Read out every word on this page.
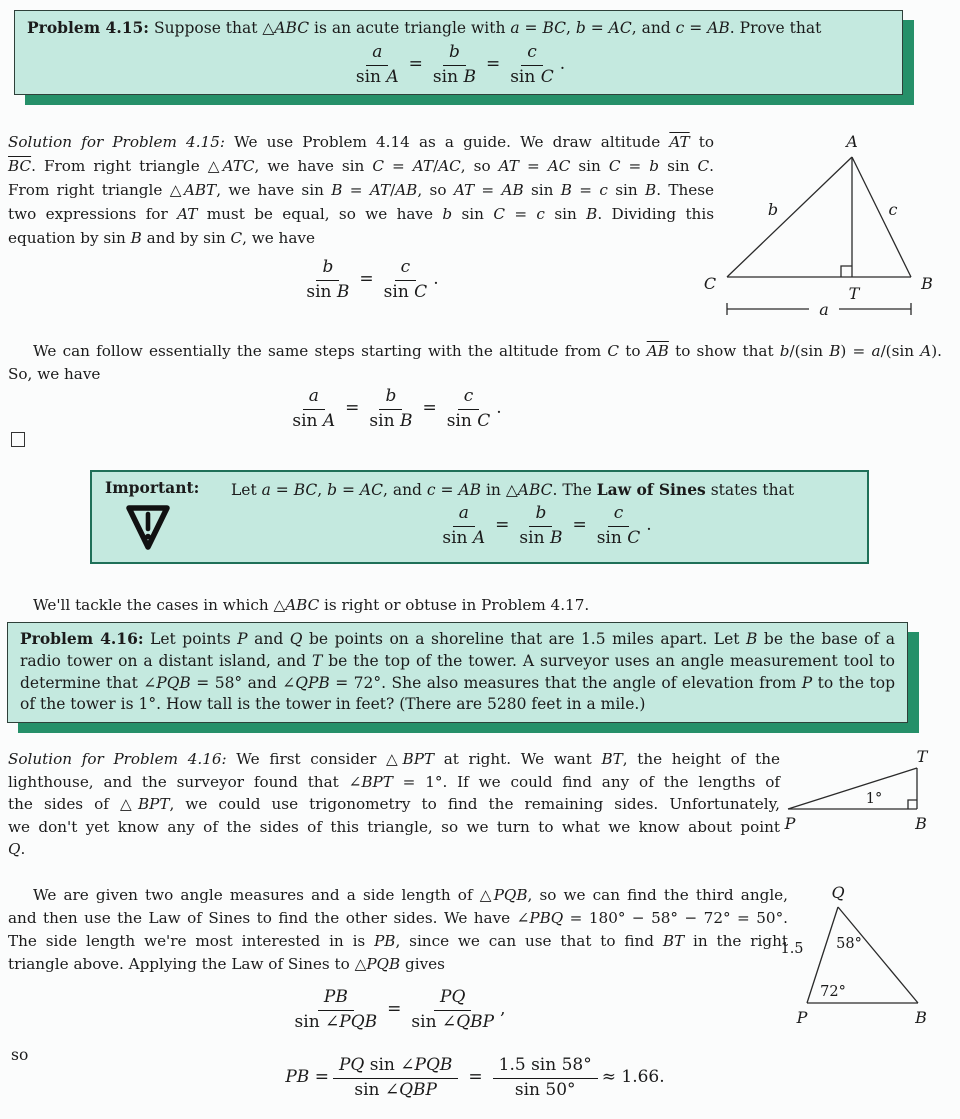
Problem 4.15: Suppose that △ABC is an acute triangle with a = BC, b = AC, and c = AB. Prove that
$\frac{a}{\text{sin A}} = \frac{b}{\text{sin B}} = \frac{c}{\text{sin C}}$ .
Solution for Problem 4.15: We use Problem 4.14 as a guide. We draw altitude $\overline{AT}$ to
$\overline{BC}$. From right triangle △ATC, we have sin C = AT/AC, so AT = AC sin C = b sin C.
From right triangle △ABT, we have sin B = AT/AB, so AT = AB sin B = c sin B. These
two expressions for AT must be equal, so we have b sin C = c sin B. Dividing this
equation by sin B and by sin C, we have
A
b	c
C
T
B
a
$\frac{b}{\text{sin B}} = \frac{c}{\text{sin C}}$ .
We can follow essentially the same steps starting with the altitude from C to $\overline{AB}$ to show that b/(sin B) = a/(sin A).
So, we have
$\frac{a}{\text{sin A}} = \frac{b}{\text{sin B}} = \frac{c}{\text{sin C}}$ .
Important:	Let a = BC, b = AC, and c = AB in △ABC. The Law of Sines states that
$\frac{a}{\text{sin A}} = \frac{b}{\text{sin B}} = \frac{c}{\text{sin C}}$ .
We'll tackle the cases in which △ABC is right or obtuse in Problem 4.17.
Problem 4.16: Let points P and Q be points on a shoreline that are 1.5 miles apart. Let B be the base of a
radio tower on a distant island, and T be the top of the tower. A surveyor uses an angle measurement tool to
determine that ∠PQB = 58° and ∠QPB = 72°. She also measures that the angle of elevation from P to the top
of the tower is 1°. How tall is the tower in feet? (There are 5280 feet in a mile.)
Solution for Problem 4.16: We first consider △BPT at right. We want BT, the height of the
lighthouse, and the surveyor found that ∠BPT = 1°. If we could find any of the lengths of
the sides of △BPT, we could use trigonometry to find the remaining sides. Unfortunately,
we don't yet know any of the sides of this triangle, so we turn to what we know about point
Q.
T
P	B
1°
We are given two angle measures and a side length of △PQB, so we can find the third angle,
and then use the Law of Sines to find the other sides. We have ∠PBQ = 180° − 58° − 72° = 50°.
The side length we're most interested in is PB, since we can use that to find BT in the right
triangle above. Applying the Law of Sines to △PQB gives
Q
P	B
1.5 58°
72°
$\frac{PB}{\text{sin ∠PQB}} = \frac{PQ}{\text{sin ∠QBP}}$ ,
so
PB = $\frac{\text{PQ sin ∠PQB}}{\text{sin ∠QBP}} = \frac{1.5 \sin 58^\circ}{\sin 50^\circ} \approx 1.66$.
